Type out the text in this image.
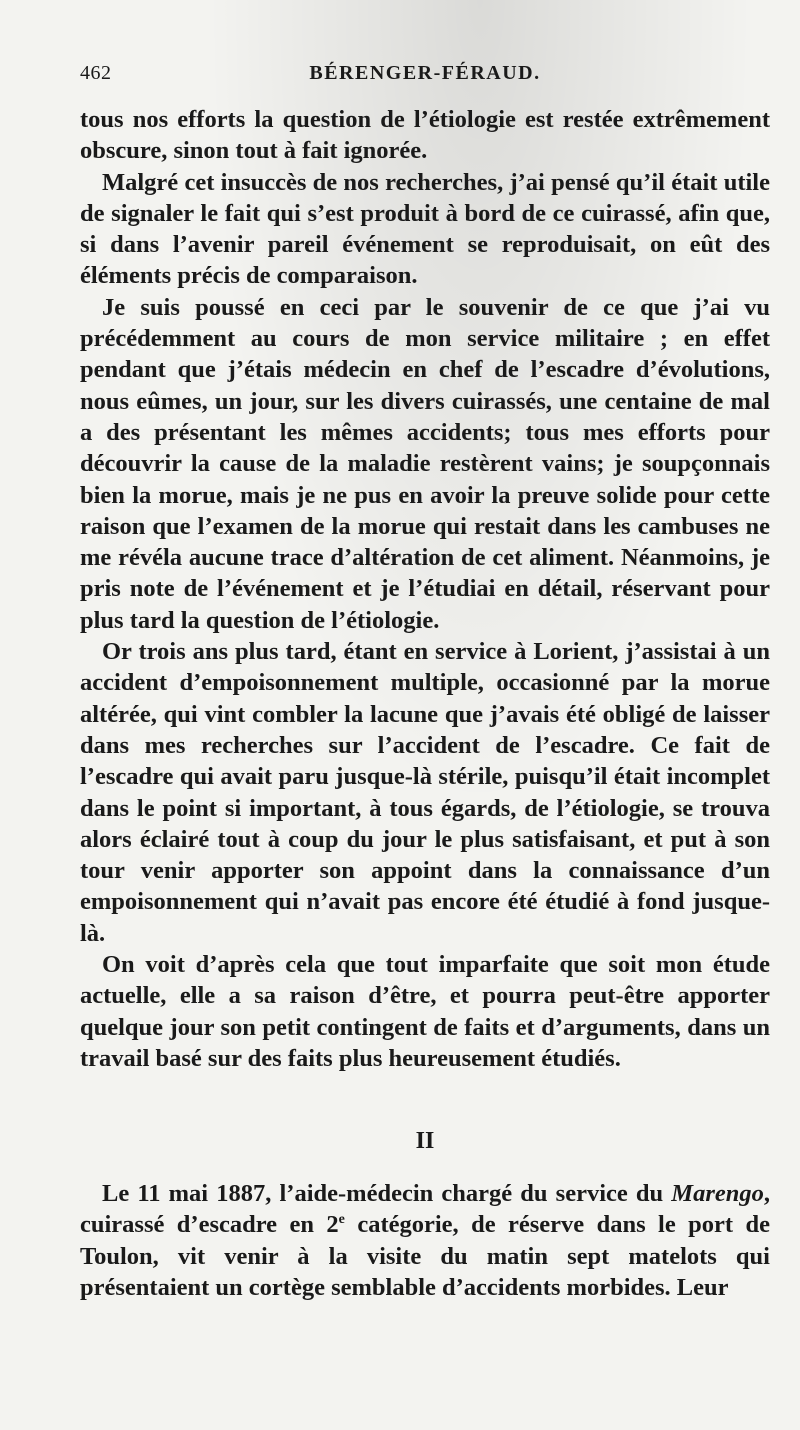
462	BÉRENGER-FÉRAUD.

tous nos efforts la question de l’étiologie est restée extrêmement obscure, sinon tout à fait ignorée.

Malgré cet insuccès de nos recherches, j’ai pensé qu’il était utile de signaler le fait qui s’est produit à bord de ce cuirassé, afin que, si dans l’avenir pareil événement se reproduisait, on eût des éléments précis de comparaison.

Je suis poussé en ceci par le souvenir de ce que j’ai vu précédemment au cours de mon service militaire ; en effet pendant que j’étais médecin en chef de l’escadre d’évolutions, nous eûmes, un jour, sur les divers cuirassés, une centaine de mal a des présentant les mêmes accidents; tous mes efforts pour découvrir la cause de la maladie restèrent vains; je soupçonnais bien la morue, mais je ne pus en avoir la preuve solide pour cette raison que l’examen de la morue qui restait dans les cambuses ne me révéla aucune trace d’altération de cet aliment. Néanmoins, je pris note de l’événement et je l’étudiai en détail, réservant pour plus tard la question de l’étiologie.

Or trois ans plus tard, étant en service à Lorient, j’assistai à un accident d’empoisonnement multiple, occasionné par la morue altérée, qui vint combler la lacune que j’avais été obligé de laisser dans mes recherches sur l’accident de l’escadre. Ce fait de l’escadre qui avait paru jusque-là stérile, puisqu’il était incomplet dans le point si important, à tous égards, de l’étiologie, se trouva alors éclairé tout à coup du jour le plus satisfaisant, et put à son tour venir apporter son appoint dans la connaissance d’un empoisonnement qui n’avait pas encore été étudié à fond jusque-là.

On voit d’après cela que tout imparfaite que soit mon étude actuelle, elle a sa raison d’être, et pourra peut-être apporter quelque jour son petit contingent de faits et d’arguments, dans un travail basé sur des faits plus heureusement étudiés.

II

Le 11 mai 1887, l’aide-médecin chargé du service du Marengo, cuirassé d’escadre en 2e catégorie, de réserve dans le port de Toulon, vit venir à la visite du matin sept matelots qui présentaient un cortège semblable d’accidents morbides. Leur
